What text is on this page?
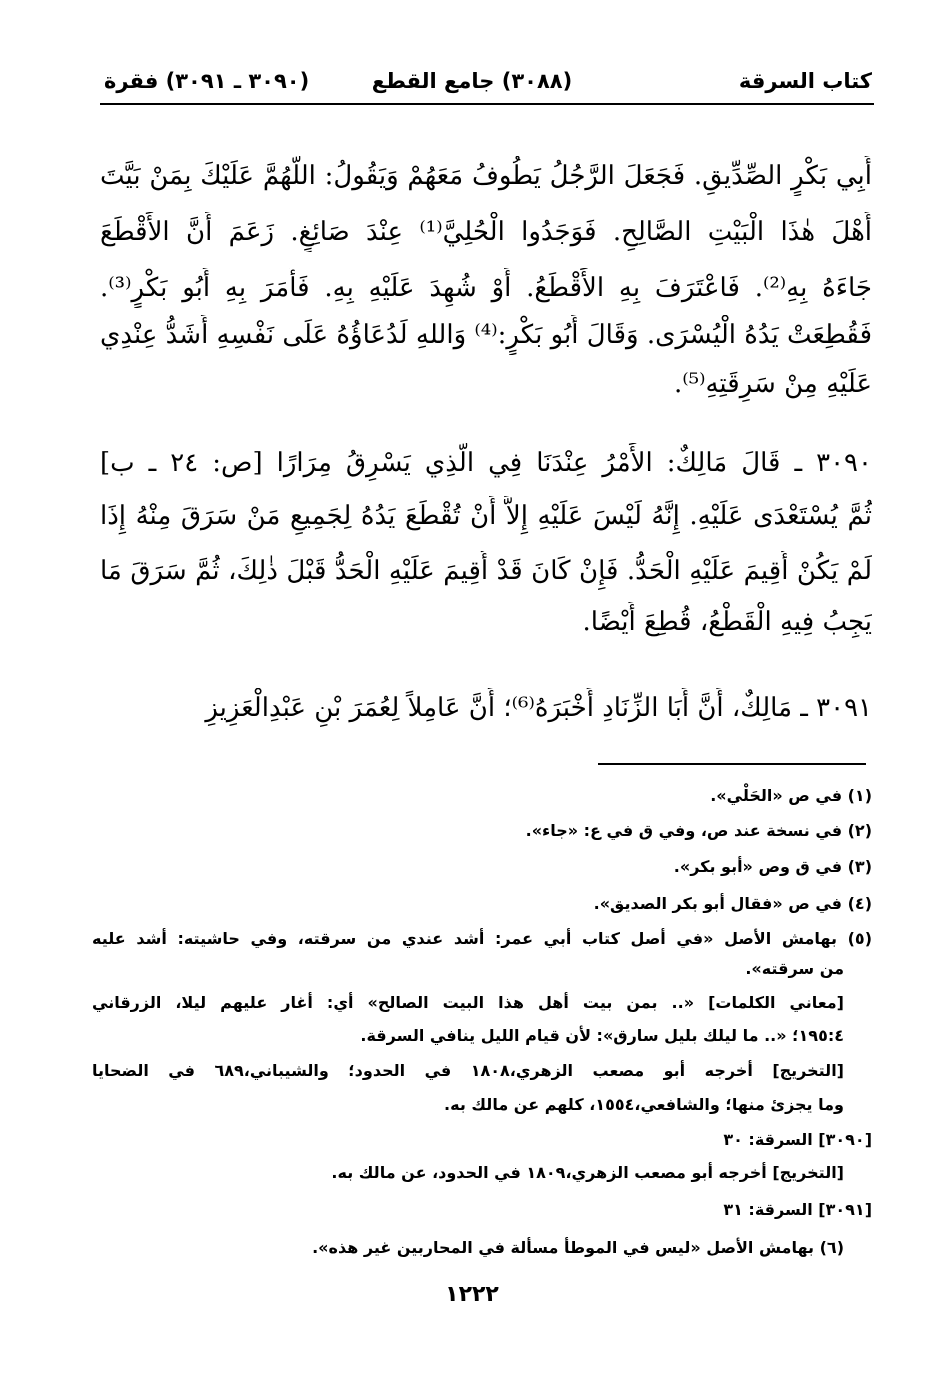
كتاب السرقة
(٣٠٨٨) جامع القطع
(٣٠٩٠ ـ ٣٠٩١) فقرة
أَبِي بَكْرٍ الصِّدِّيقِ. فَجَعَلَ الرَّجُلُ يَطُوفُ مَعَهُمْ وَيَقُولُ: اللَّهُمَّ عَلَيْكَ بِمَنْ بَيَّتَ
أَهْلَ هٰذَا الْبَيْتِ الصَّالِحِ. فَوَجَدُوا الْحُلِيَّ⁽¹⁾ عِنْدَ صَائِغٍ. زَعَمَ أَنَّ الأَقْطَعَ
جَاءَهُ بِهِ⁽²⁾. فَاعْتَرَفَ بِهِ الأَقْطَعُ. أَوْ شُهِدَ عَلَيْهِ بِهِ. فَأَمَرَ بِهِ أَبُو بَكْرٍ⁽³⁾.
فَقُطِعَتْ يَدُهُ الْيُسْرَى. وَقَالَ أَبُو بَكْرٍ:⁽⁴⁾ وَاللهِ لَدُعَاؤُهُ عَلَى نَفْسِهِ أَشَدُّ عِنْدِي
عَلَيْهِ مِنْ سَرِقَتِهِ⁽⁵⁾.
٣٠٩٠ ـ قَالَ مَالِكٌ: الأَمْرُ عِنْدَنَا فِي الَّذِي يَسْرِقُ مِرَارًا [ص: ٢٤ ـ ب]
ثُمَّ يُسْتَعْدَى عَلَيْهِ. إِنَّهُ لَيْسَ عَلَيْهِ إِلاَّ أَنْ تُقْطَعَ يَدُهُ لِجَمِيعِ مَنْ سَرَقَ مِنْهُ إِذَا
لَمْ يَكُنْ أُقِيمَ عَلَيْهِ الْحَدُّ. فَإِنْ كَانَ قَدْ أُقِيمَ عَلَيْهِ الْحَدُّ قَبْلَ ذٰلِكَ، ثُمَّ سَرَقَ مَا
يَجِبُ فِيهِ الْقَطْعُ، قُطِعَ أَيْضًا.
٣٠٩١ ـ مَالِكٌ، أَنَّ أَبَا الزِّنَادِ أَخْبَرَهُ⁽⁶⁾؛ أَنَّ عَامِلاً لِعُمَرَ بْنِ عَبْدِالْعَزِيزِ
(١) في ص «الحَلْي».
(٢) في نسخة عند ص، وفي ق في ع: «جاء».
(٣) في ق وص «أبو بكر».
(٤) في ص «فقال أبو بكر الصديق».
(٥) بهامش الأصل «في أصل كتاب أبي عمر: أشد عندي من سرقته، وفي حاشيته: أشد عليه
من سرقته».
[معاني الكلمات] «.. بمن بيت أهل هذا البيت الصالح» أي: أغار عليهم ليلا، الزرقاني
١٩٥:٤؛ «.. ما ليلك بليل سارق»: لأن قيام الليل ينافي السرقة.
[التخريج] أخرجه أبو مصعب الزهري،١٨٠٨ في الحدود؛ والشيباني،٦٨٩ في الضحايا
وما يجزئ منها؛ والشافعي،١٥٥٤، كلهم عن مالك به.
[٣٠٩٠] السرقة: ٣٠
[التخريج] أخرجه أبو مصعب الزهري،١٨٠٩ في الحدود، عن مالك به.
[٣٠٩١] السرقة: ٣١
(٦) بهامش الأصل «ليس في الموطأ مسألة في المحاربين غير هذه».
١٢٢٢
